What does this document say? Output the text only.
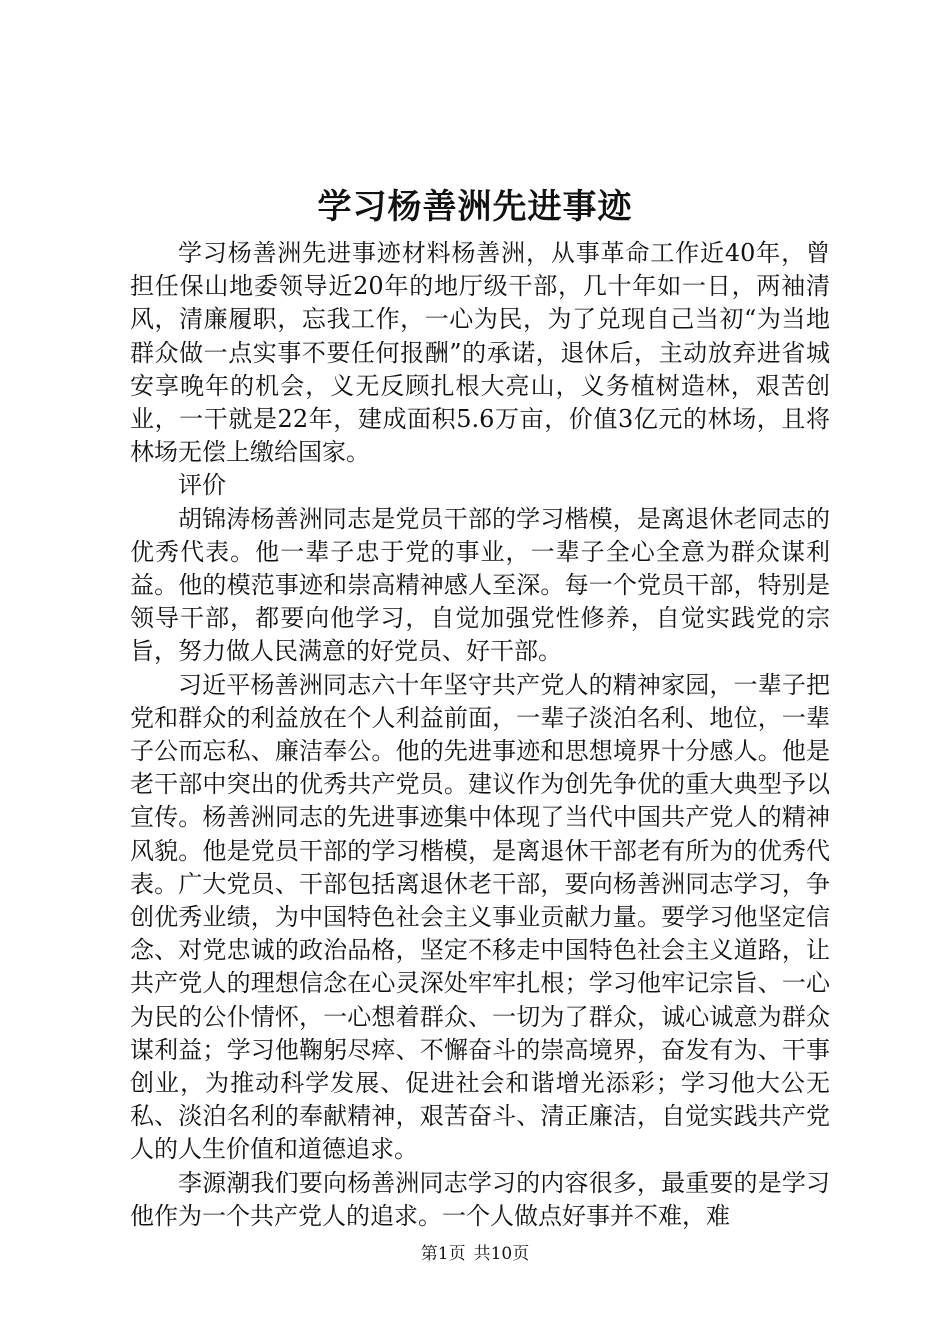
学习杨善洲先进事迹

学习杨善洲先进事迹材料杨善洲，从事革命工作近40年，曾担任保山地委领导近20年的地厅级干部，几十年如一日，两袖清风，清廉履职，忘我工作，一心为民，为了兑现自己当初“为当地群众做一点实事不要任何报酬”的承诺，退休后，主动放弃进省城安享晚年的机会，义无反顾扎根大亮山，义务植树造林，艰苦创业，一干就是22年，建成面积5.6万亩，价值3亿元的林场，且将林场无偿上缴给国家。

评价

胡锦涛杨善洲同志是党员干部的学习楷模，是离退休老同志的优秀代表。他一辈子忠于党的事业，一辈子全心全意为群众谋利益。他的模范事迹和崇高精神感人至深。每一个党员干部，特别是领导干部，都要向他学习，自觉加强党性修养，自觉实践党的宗旨，努力做人民满意的好党员、好干部。

习近平杨善洲同志六十年坚守共产党人的精神家园，一辈子把党和群众的利益放在个人利益前面，一辈子淡泊名利、地位，一辈子公而忘私、廉洁奉公。他的先进事迹和思想境界十分感人。他是老干部中突出的优秀共产党员。建议作为创先争优的重大典型予以宣传。杨善洲同志的先进事迹集中体现了当代中国共产党人的精神风貌。他是党员干部的学习楷模，是离退休干部老有所为的优秀代表。广大党员、干部包括离退休老干部，要向杨善洲同志学习，争创优秀业绩，为中国特色社会主义事业贡献力量。要学习他坚定信念、对党忠诚的政治品格，坚定不移走中国特色社会主义道路，让共产党人的理想信念在心灵深处牢牢扎根；学习他牢记宗旨、一心为民的公仆情怀，一心想着群众、一切为了群众，诚心诚意为群众谋利益；学习他鞠躬尽瘁、不懈奋斗的崇高境界，奋发有为、干事创业，为推动科学发展、促进社会和谐增光添彩；学习他大公无私、淡泊名利的奉献精神，艰苦奋斗、清正廉洁，自觉实践共产党人的人生价值和道德追求。

李源潮我们要向杨善洲同志学习的内容很多，最重要的是学习他作为一个共产党人的追求。一个人做点好事并不难，难

第1页 共10页
